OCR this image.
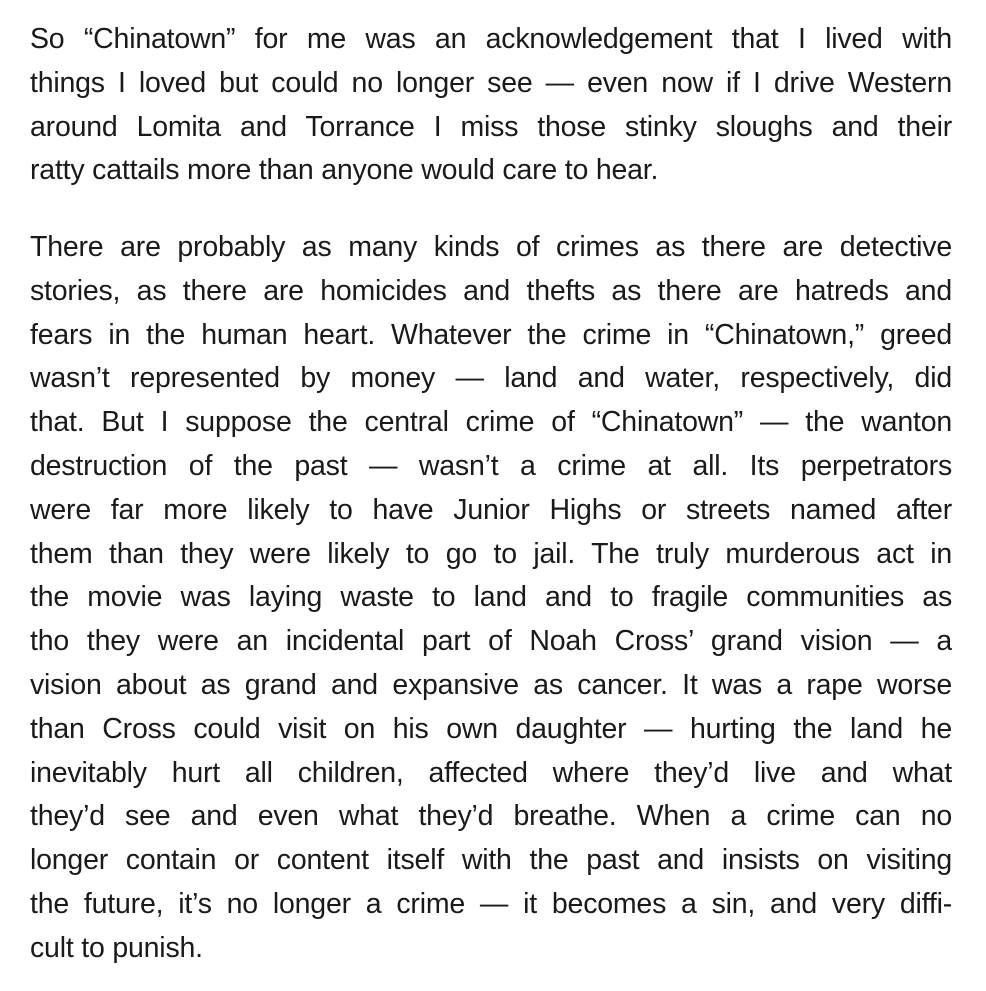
So “Chinatown” for me was an acknowledgement that I lived with
things I loved but could no longer see — even now if I drive Western
around Lomita and Torrance I miss those stinky sloughs and their
ratty cattails more than anyone would care to hear.
There are probably as many kinds of crimes as there are detective
stories, as there are homicides and thefts as there are hatreds and
fears in the human heart. Whatever the crime in “Chinatown,” greed
wasn’t represented by money — land and water, respectively, did
that. But I suppose the central crime of “Chinatown” — the wanton
destruction of the past — wasn’t a crime at all. Its perpetrators
were far more likely to have Junior Highs or streets named after
them than they were likely to go to jail. The truly murderous act in
the movie was laying waste to land and to fragile communities as
tho they were an incidental part of Noah Cross’ grand vision — a
vision about as grand and expansive as cancer. It was a rape worse
than Cross could visit on his own daughter — hurting the land he
inevitably hurt all children, affected where they’d live and what
they’d see and even what they’d breathe. When a crime can no
longer contain or content itself with the past and insists on visiting
the future, it’s no longer a crime — it becomes a sin, and very diffi-
cult to punish.
